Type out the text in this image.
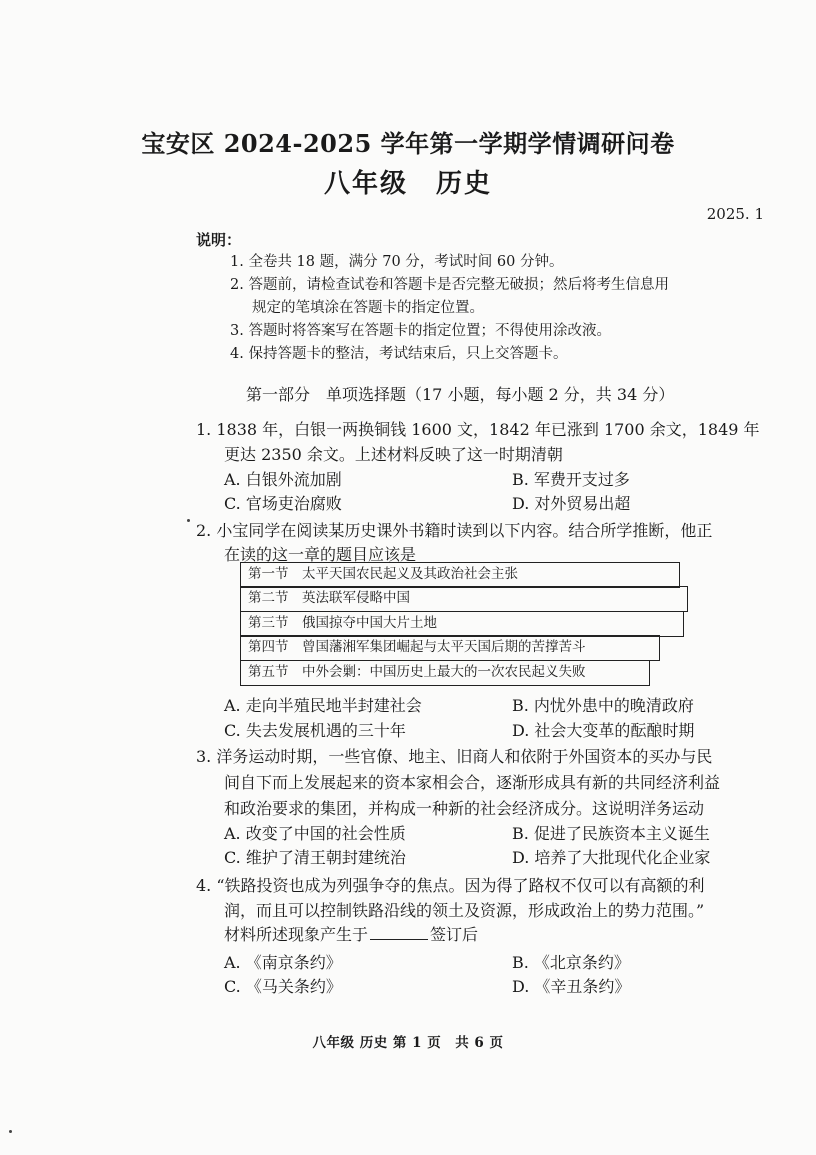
宝安区 2024-2025 学年第一学期学情调研问卷
八年级　历史
2025. 1
说明：
1. 全卷共 18 题，满分 70 分，考试时间 60 分钟。
2. 答题前，请检查试卷和答题卡是否完整无破损；然后将考生信息用
规定的笔填涂在答题卡的指定位置。
3. 答题时将答案写在答题卡的指定位置；不得使用涂改液。
4. 保持答题卡的整洁，考试结束后，只上交答题卡。
第一部分　单项选择题（17 小题，每小题 2 分，共 34 分）
1. 1838 年，白银一两换铜钱 1600 文，1842 年已涨到 1700 余文，1849 年
更达 2350 余文。上述材料反映了这一时期清朝
A. 白银外流加剧	B. 军费开支过多
C. 官场吏治腐败	D. 对外贸易出超
2. 小宝同学在阅读某历史课外书籍时读到以下内容。结合所学推断，他正
在读的这一章的题目应该是
第一节　太平天国农民起义及其政治社会主张
第二节　英法联军侵略中国
第三节　俄国掠夺中国大片土地
第四节　曾国藩湘军集团崛起与太平天国后期的苦撑苦斗
第五节　中外会剿：中国历史上最大的一次农民起义失败
A. 走向半殖民地半封建社会	B. 内忧外患中的晚清政府
C. 失去发展机遇的三十年	D. 社会大变革的酝酿时期
3. 洋务运动时期，一些官僚、地主、旧商人和依附于外国资本的买办与民
间自下而上发展起来的资本家相会合，逐渐形成具有新的共同经济利益
和政治要求的集团，并构成一种新的社会经济成分。这说明洋务运动
A. 改变了中国的社会性质	B. 促进了民族资本主义诞生
C. 维护了清王朝封建统治	D. 培养了大批现代化企业家
4. “铁路投资也成为列强争夺的焦点。因为得了路权不仅可以有高额的利
润，而且可以控制铁路沿线的领土及资源，形成政治上的势力范围。”
材料所述现象产生于	签订后
A. 《南京条约》	B. 《北京条约》
C. 《马关条约》	D. 《辛丑条约》
八年级 历史 第 1 页　共 6 页
